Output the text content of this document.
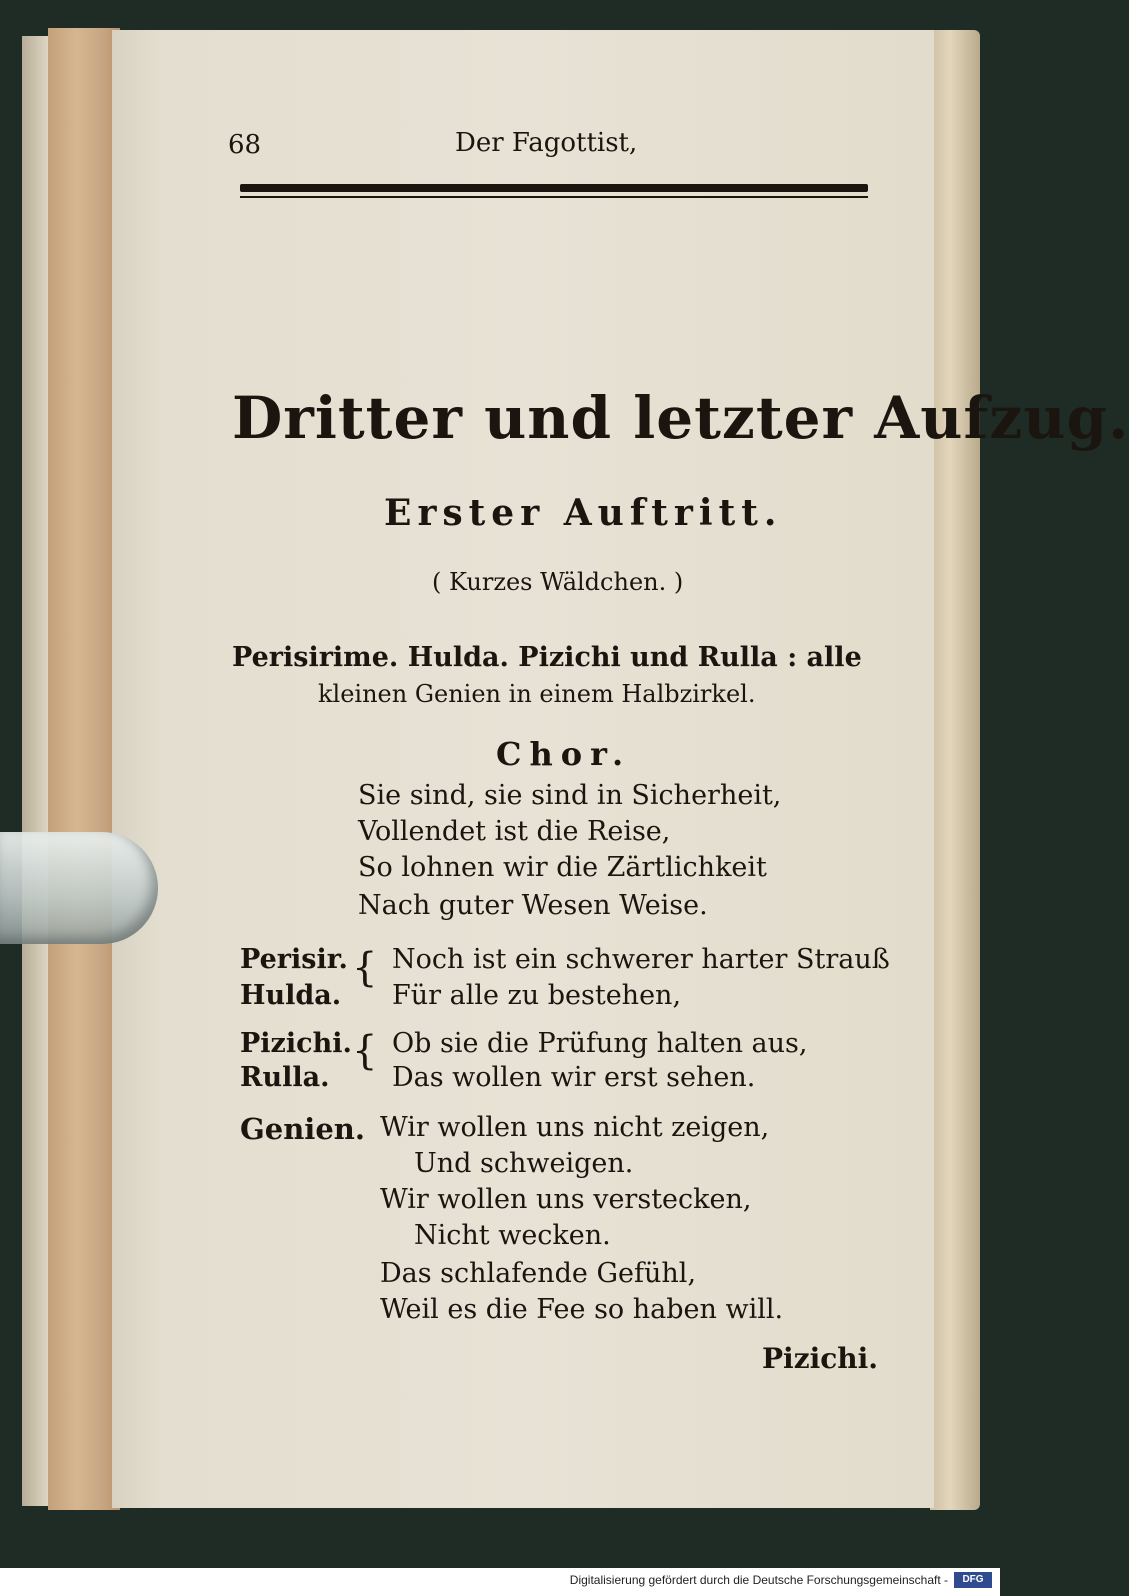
68	Der Fagottist,
Dritter und letzter Aufzug.
Erster Auftritt.
( Kurzes Wäldchen. )
Perisirime. Hulda. Pizichi und Rulla : alle
kleinen Genien in einem Halbzirkel.
Chor.
Sie sind, sie sind in Sicherheit,
Vollendet ist die Reise,
So lohnen wir die Zärtlichkeit
Nach guter Wesen Weise.
Perisir.
Hulda.
{ Noch ist ein schwerer harter Strauß
Für alle zu bestehen,
Pizichi.
Rulla.
{ Ob sie die Prüfung halten aus,
Das wollen wir erst sehen.
Genien. Wir wollen uns nicht zeigen,
Und schweigen.
Wir wollen uns verstecken,
Nicht wecken.
Das schlafende Gefühl,
Weil es die Fee so haben will.
Pizichi.
Digitalisierung gefördert durch die Deutsche Forschungsgemeinschaft -	DFG
